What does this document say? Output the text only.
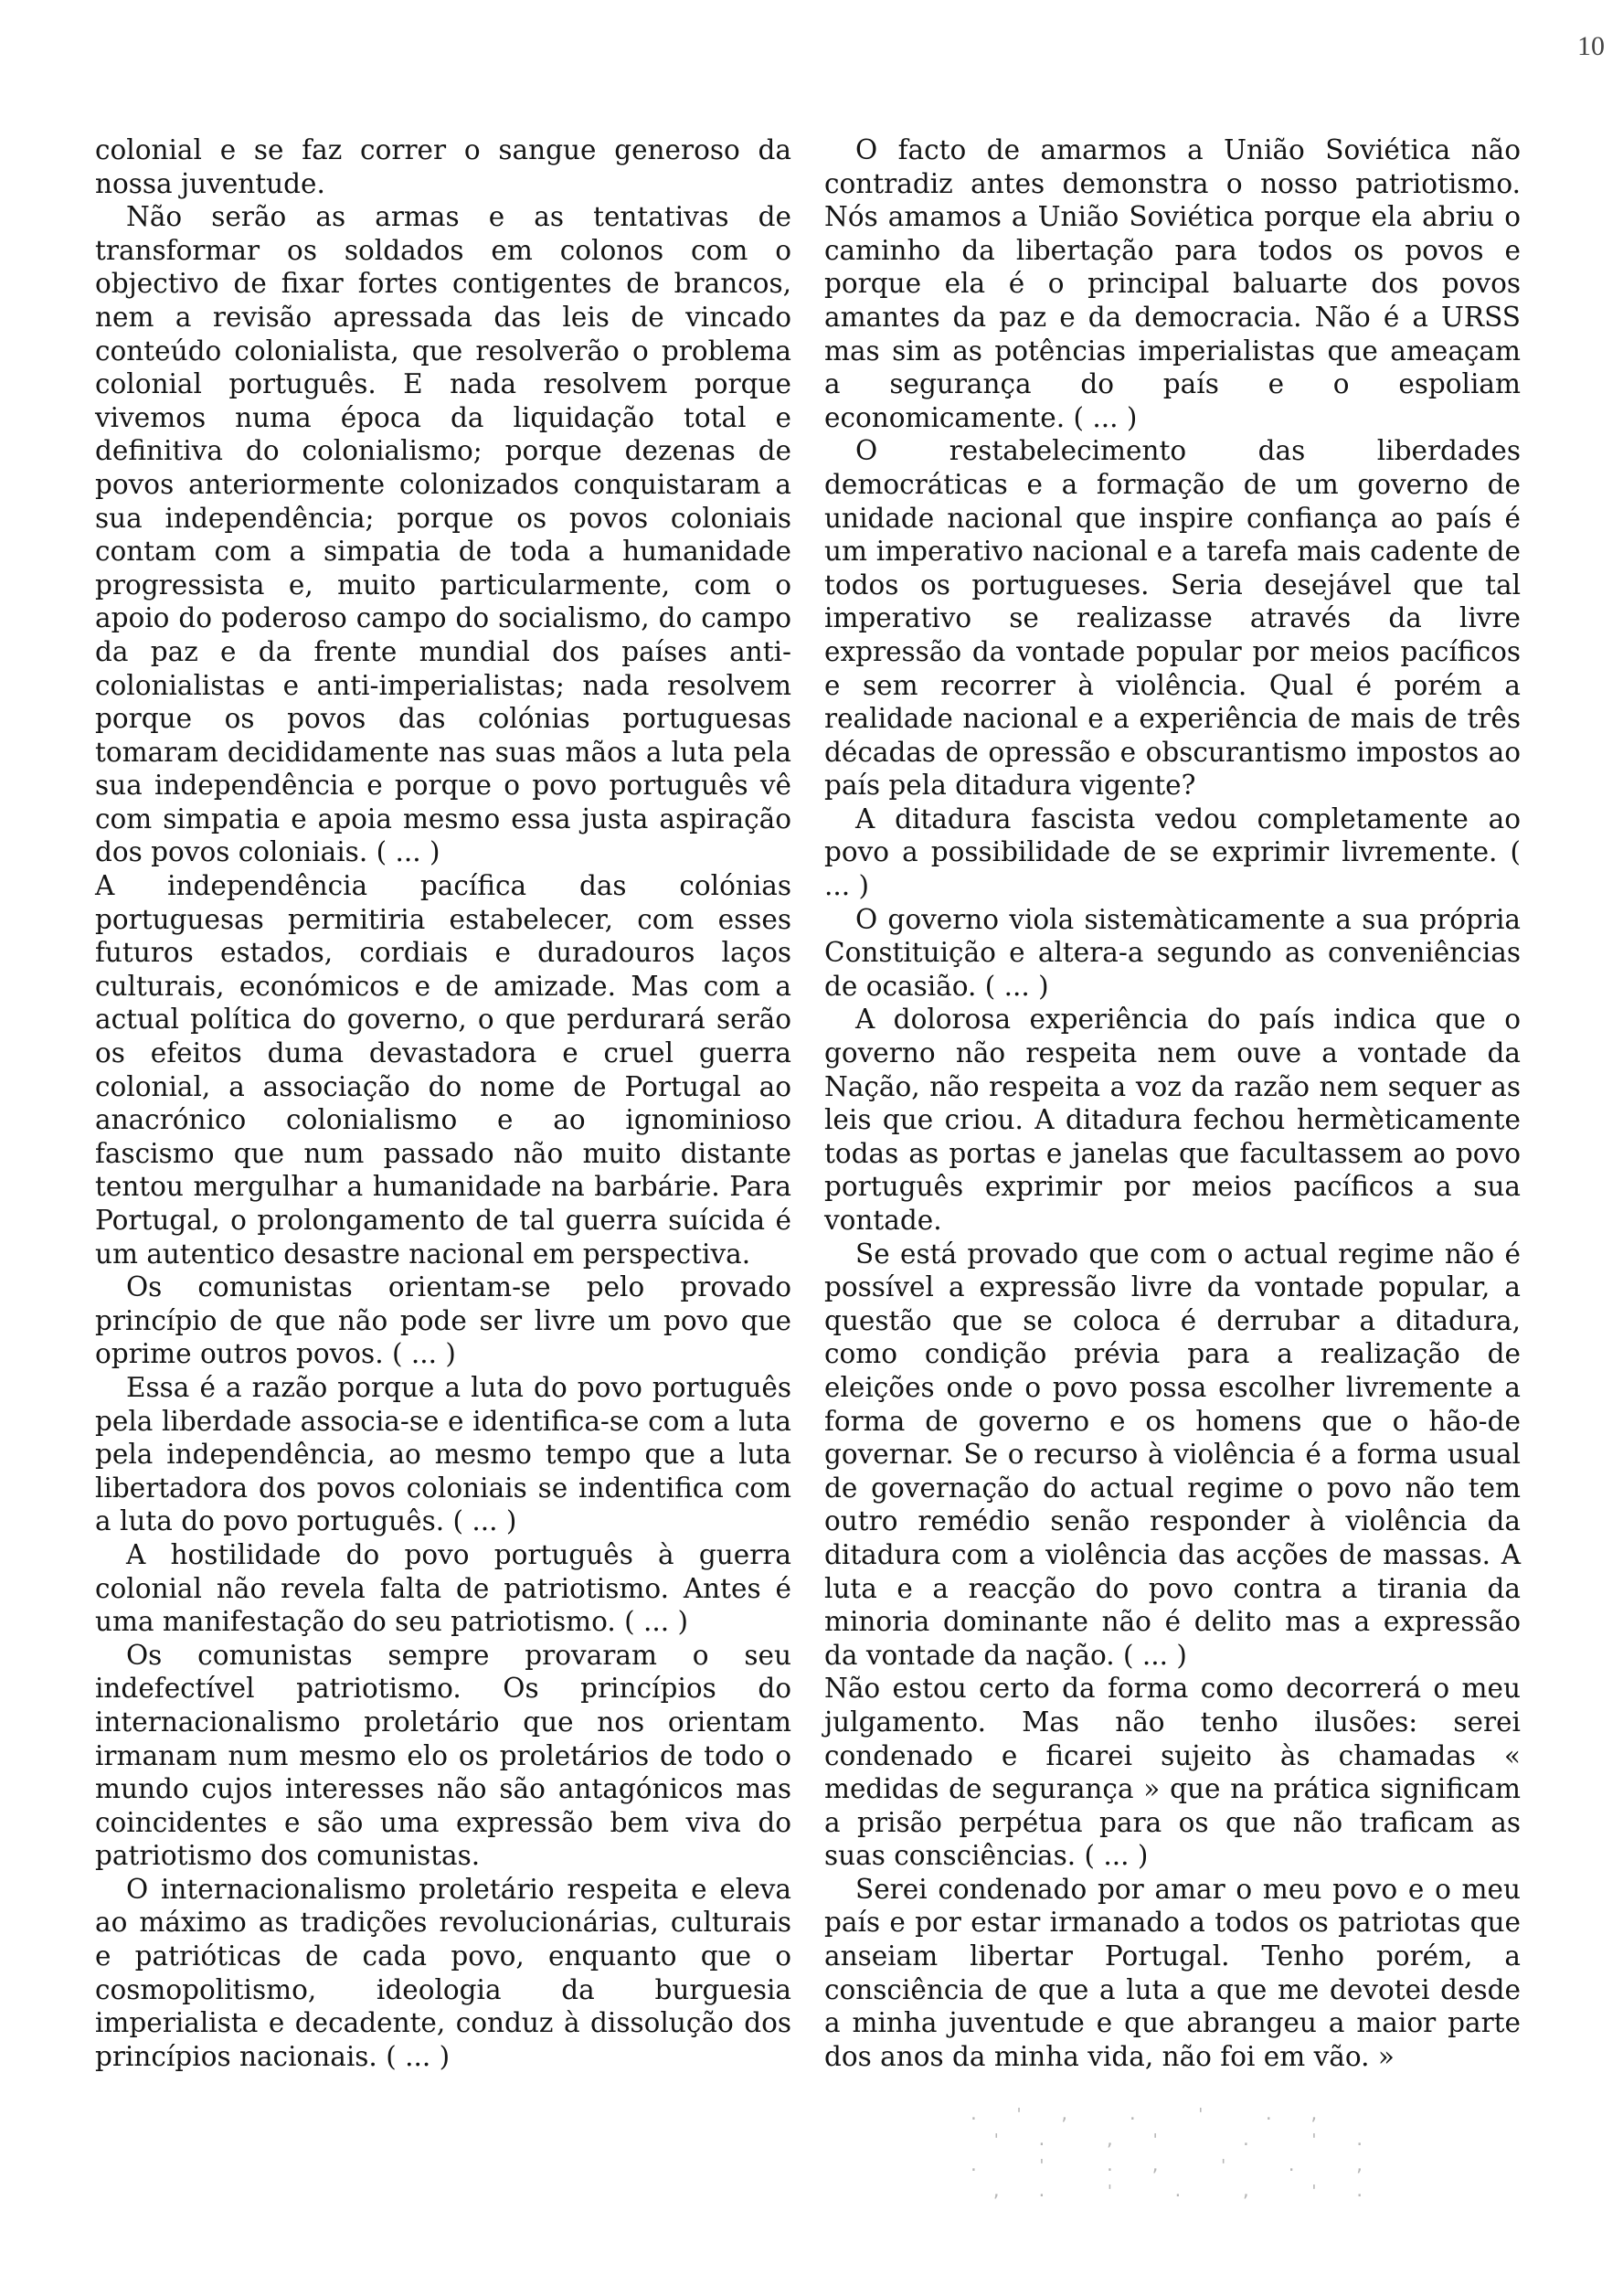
10

colonial e se faz correr o sangue generoso da nossa juventude.

Não serão as armas e as tentativas de transformar os soldados em colonos com o objectivo de fixar fortes contigentes de brancos, nem a revisão apressada das leis de vincado conteúdo colonialista, que resolverão o problema colonial português. E nada resolvem porque vivemos numa época da liquidação total e definitiva do colonialismo; porque dezenas de povos anteriormente colonizados conquistaram a sua independência; porque os povos coloniais contam com a simpatia de toda a humanidade progressista e, muito particularmente, com o apoio do poderoso campo do socialismo, do campo da paz e da frente mundial dos países anti-colonialistas e anti-imperialistas; nada resolvem porque os povos das colónias portuguesas tomaram decididamente nas suas mãos a luta pela sua independência e porque o povo português vê com simpatia e apoia mesmo essa justa aspiração dos povos coloniais. ( ... )

A independência pacífica das colónias portuguesas permitiria estabelecer, com esses futuros estados, cordiais e duradouros laços culturais, económicos e de amizade. Mas com a actual política do governo, o que perdurará serão os efeitos duma devastadora e cruel guerra colonial, a associação do nome de Portugal ao anacrónico colonialismo e ao ignominioso fascismo que num passado não muito distante tentou mergulhar a humanidade na barbárie. Para Portugal, o prolongamento de tal guerra suícida é um autentico desastre nacional em perspectiva.

Os comunistas orientam-se pelo provado princípio de que não pode ser livre um povo que oprime outros povos. ( ... )

Essa é a razão porque a luta do povo português pela liberdade associa-se e identifica-se com a luta pela independência, ao mesmo tempo que a luta libertadora dos povos coloniais se indentifica com a luta do povo português. ( ... )

A hostilidade do povo português à guerra colonial não revela falta de patriotismo. Antes é uma manifestação do seu patriotismo. ( ... )

Os comunistas sempre provaram o seu indefectível patriotismo. Os princípios do internacionalismo proletário que nos orientam irmanam num mesmo elo os proletários de todo o mundo cujos interesses não são antagónicos mas coincidentes e são uma expressão bem viva do patriotismo dos comunistas.

O internacionalismo proletário respeita e eleva ao máximo as tradições revolucionárias, culturais e patrióticas de cada povo, enquanto que o cosmopolitismo, ideologia da burguesia imperialista e decadente, conduz à dissolução dos princípios nacionais. ( ... )

O facto de amarmos a União Soviética não contradiz antes demonstra o nosso patriotismo. Nós amamos a União Soviética porque ela abriu o caminho da libertação para todos os povos e porque ela é o principal baluarte dos povos amantes da paz e da democracia. Não é a URSS mas sim as potências imperialistas que ameaçam a segurança do país e o espoliam economicamente. ( ... )

O restabelecimento das liberdades democráticas e a formação de um governo de unidade nacional que inspire confiança ao país é um imperativo nacional e a tarefa mais cadente de todos os portugueses. Seria desejável que tal imperativo se realizasse através da livre expressão da vontade popular por meios pacíficos e sem recorrer à violência. Qual é porém a realidade nacional e a experiência de mais de três décadas de opressão e obscurantismo impostos ao país pela ditadura vigente?

A ditadura fascista vedou completamente ao povo a possibilidade de se exprimir livremente. ( ... )

O governo viola sistemàticamente a sua própria Constituição e altera-a segundo as conveniências de ocasião. ( ... )

A dolorosa experiência do país indica que o governo não respeita nem ouve a vontade da Nação, não respeita a voz da razão nem sequer as leis que criou. A ditadura fechou hermèticamente todas as portas e janelas que facultassem ao povo português exprimir por meios pacíficos a sua vontade.

Se está provado que com o actual regime não é possível a expressão livre da vontade popular, a questão que se coloca é derrubar a ditadura, como condição prévia para a realização de eleições onde o povo possa escolher livremente a forma de governo e os homens que o hão-de governar. Se o recurso à violência é a forma usual de governação do actual regime o povo não tem outro remédio senão responder à violência da ditadura com a violência das acções de massas. A luta e a reacção do povo contra a tirania da minoria dominante não é delito mas a expressão da vontade da nação. ( ... )

Não estou certo da forma como decorrerá o meu julgamento. Mas não tenho ilusões: serei condenado e ficarei sujeito às chamadas « medidas de segurança » que na prática significam a prisão perpétua para os que não traficam as suas consciências. ( ... )

Serei condenado por amar o meu povo e o meu país e por estar irmanado a todos os patriotas que anseiam libertar Portugal. Tenho porém, a consciência de que a luta a que me devotei desde a minha juventude e que abrangeu a maior parte dos anos da minha vida, não foi em vão. »

. ' ,  .  '  . ,
' .  , '   .  ' .
.  '  . ,  '  .  ,
, .  '  .  ,  ' .
